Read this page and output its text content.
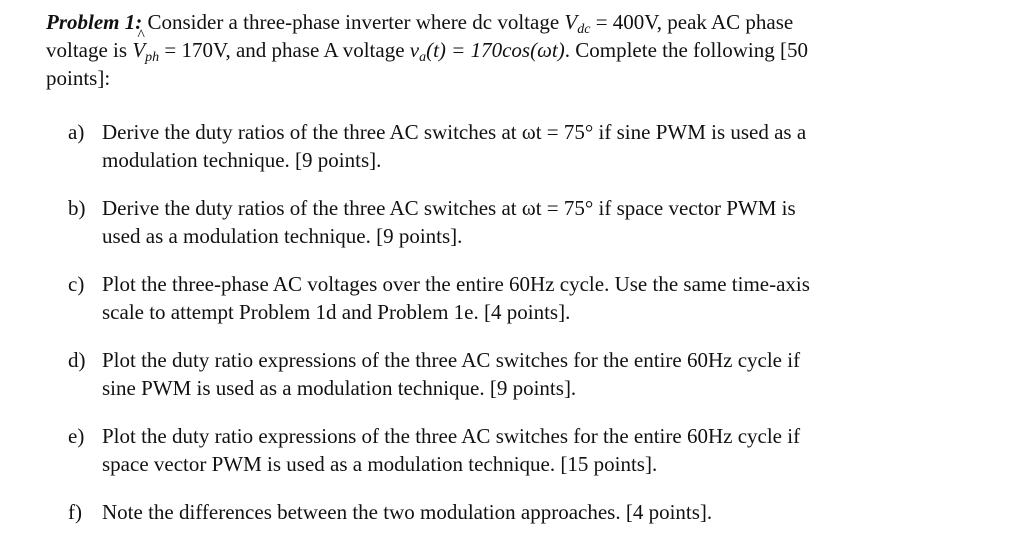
Problem 1: Consider a three-phase inverter where dc voltage $V_{dc} = 400V$, peak AC phase
voltage is ^ $V_{ph} = 170V$, and phase A voltage $v_a(t) = 170\cos(\omega t)$. Complete the following [50
points]:
a) Derive the duty ratios of the three AC switches at ωt = 75° if sine PWM is used as a
modulation technique. [9 points].
b) Derive the duty ratios of the three AC switches at ωt = 75° if space vector PWM is
used as a modulation technique. [9 points].
c) Plot the three-phase AC voltages over the entire 60Hz cycle. Use the same time-axis
scale to attempt Problem 1d and Problem 1e. [4 points].
d) Plot the duty ratio expressions of the three AC switches for the entire 60Hz cycle if
sine PWM is used as a modulation technique. [9 points].
e) Plot the duty ratio expressions of the three AC switches for the entire 60Hz cycle if
space vector PWM is used as a modulation technique. [15 points].
f) Note the differences between the two modulation approaches. [4 points].
